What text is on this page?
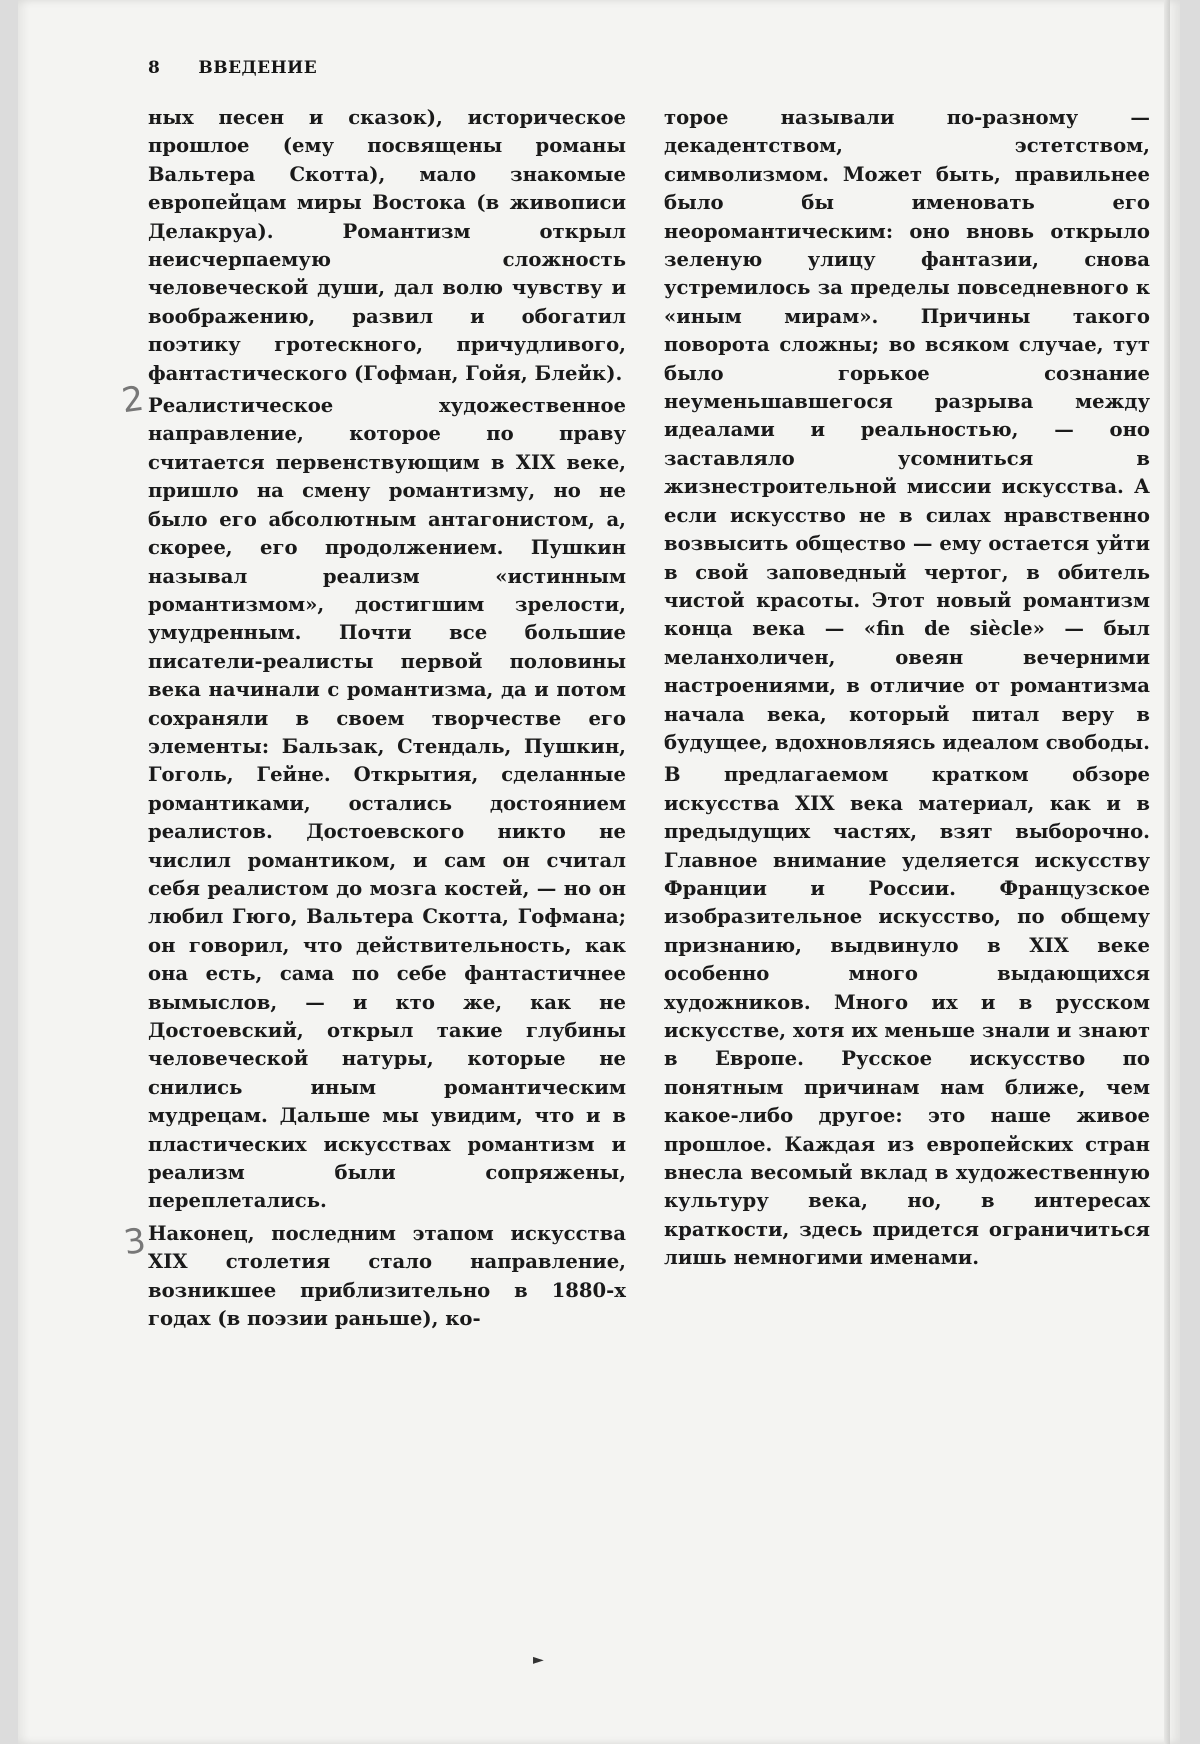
8 ВВЕДЕНИЕ
2
3

ных песен и сказок), историческое прошлое (ему посвящены романы Вальтера Скотта), мало знакомые европейцам миры Востока (в живописи Делакруа). Романтизм открыл неисчерпаемую сложность человеческой души, дал волю чувству и воображению, развил и обогатил поэтику гротескного, причудливого, фантастического (Гофман, Гойя, Блейк).

Реалистическое художественное направление, которое по праву считается первенствующим в XIX веке, пришло на смену романтизму, но не было его абсолютным антагонистом, а, скорее, его продолжением. Пушкин называл реализм «истинным романтизмом», достигшим зрелости, умудренным. Почти все большие писатели-реалисты первой половины века начинали с романтизма, да и потом сохраняли в своем творчестве его элементы: Бальзак, Стендаль, Пушкин, Гоголь, Гейне. Открытия, сделанные романтиками, остались достоянием реалистов. Достоевского никто не числил романтиком, и сам он считал себя реалистом до мозга костей, — но он любил Гюго, Вальтера Скотта, Гофмана; он говорил, что действительность, как она есть, сама по себе фантастичнее вымыслов, — и кто же, как не Достоевский, открыл такие глубины человеческой натуры, которые не снились иным романтическим мудрецам. Дальше мы увидим, что и в пластических искусствах романтизм и реализм были сопряжены, переплетались.

Наконец, последним этапом искусства XIX столетия стало направление, возникшее приблизительно в 1880-х годах (в поэзии раньше), ко-

торое называли по-разному — декадентством, эстетством, символизмом. Может быть, правильнее было бы именовать его неоромантическим: оно вновь открыло зеленую улицу фантазии, снова устремилось за пределы повседневного к «иным мирам». Причины такого поворота сложны; во всяком случае, тут было горькое сознание неуменьшавшегося разрыва между идеалами и реальностью, — оно заставляло усомниться в жизнестроительной миссии искусства. А если искусство не в силах нравственно возвысить общество — ему остается уйти в свой заповедный чертог, в обитель чистой красоты. Этот новый романтизм конца века — «fin de siècle» — был меланхоличен, овеян вечерними настроениями, в отличие от романтизма начала века, который питал веру в будущее, вдохновляясь идеалом свободы.

В предлагаемом кратком обзоре искусства XIX века материал, как и в предыдущих частях, взят выборочно. Главное внимание уделяется искусству Франции и России. Французское изобразительное искусство, по общему признанию, выдвинуло в XIX веке особенно много выдающихся художников. Много их и в русском искусстве, хотя их меньше знали и знают в Европе. Русское искусство по понятным причинам нам ближе, чем какое-либо другое: это наше живое прошлое. Каждая из европейских стран внесла весомый вклад в художественную культуру века, но, в интересах краткости, здесь придется ограничиться лишь немногими именами.

►
